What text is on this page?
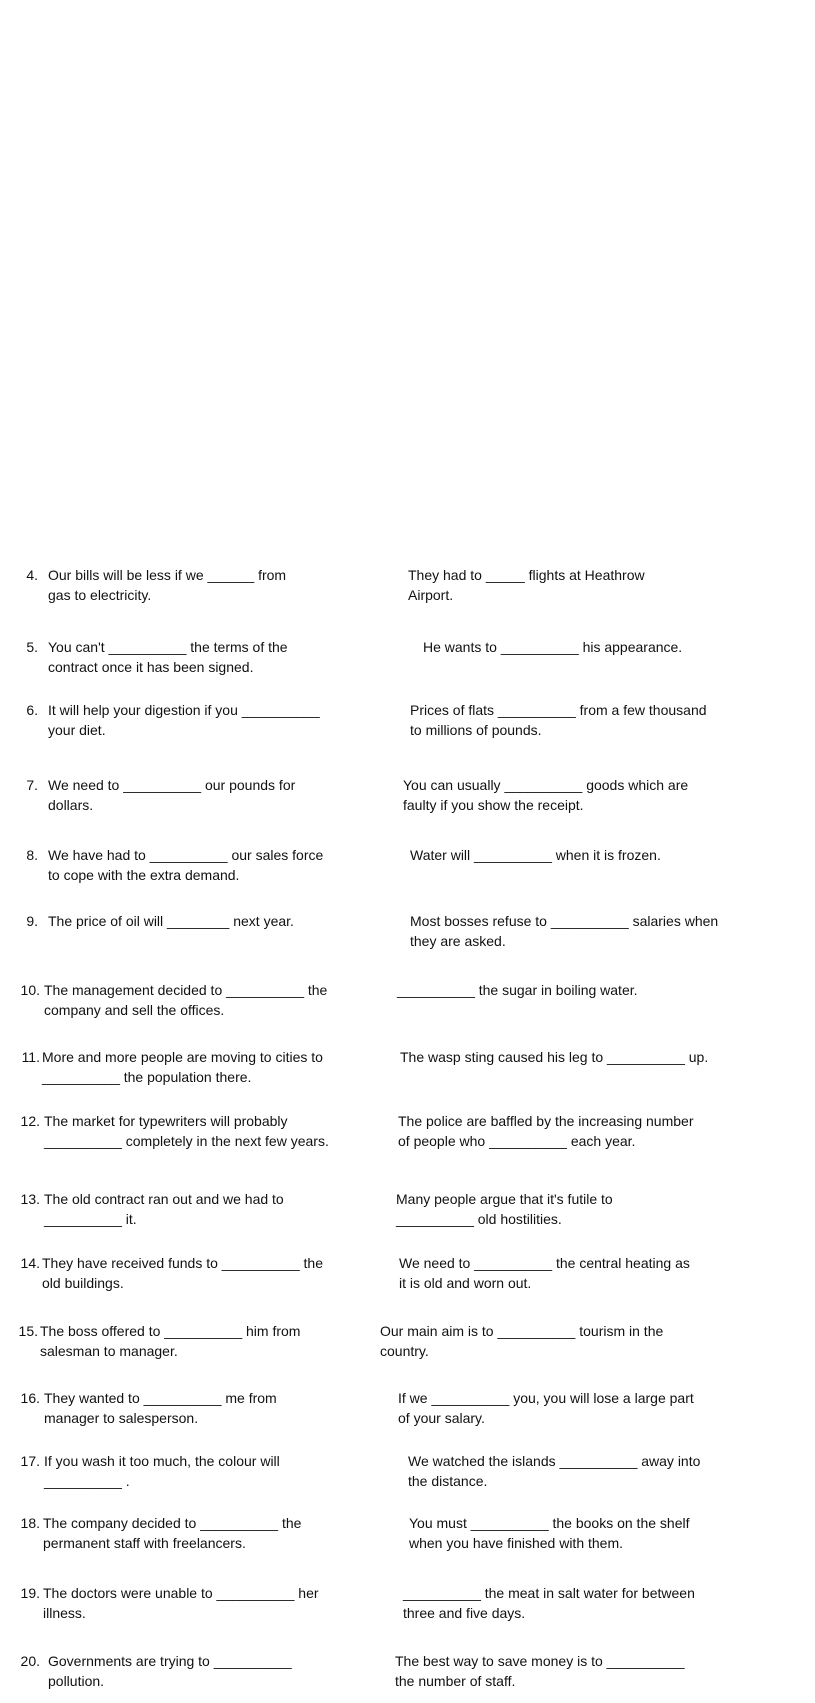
4. Our bills will be less if we ______ from

gas to electricity.

They had to _____ flights at Heathrow

Airport.

5. You can't __________ the terms of the

contract once it has been signed.

He wants to __________ his appearance.

6. It will help your digestion if you __________

your diet.

Prices of flats __________ from a few thousand

to millions of pounds.

7. We need to __________ our pounds for

dollars.

You can usually __________ goods which are

faulty if you show the receipt.

8. We have had to __________ our sales force

to cope with the extra demand.

Water will __________ when it is frozen.

9. The price of oil will ________ next year.	Most bosses refuse to __________ salaries when

they are asked.

10. The management decided to __________ the

company and sell the offices.

__________ the sugar in boiling water.

11. More and more people are moving to cities to

__________ the population there.

The wasp sting caused his leg to __________ up.

12. The market for typewriters will probably

__________ completely in the next few years.

The police are baffled by the increasing number

of people who __________ each year.

13. The old contract ran out and we had to

__________ it.

Many people argue that it's futile to

__________ old hostilities.

14. They have received funds to __________ the

old buildings.

We need to __________ the central heating as

it is old and worn out.

15. The boss offered to __________ him from

salesman to manager.

Our main aim is to __________ tourism in the

country.

16. They wanted to __________ me from

manager to salesperson.

If we __________ you, you will lose a large part

of your salary.

17. If you wash it too much, the colour will

__________ .

We watched the islands __________ away into

the distance.

18. The company decided to __________ the

permanent staff with freelancers.

You must __________ the books on the shelf

when you have finished with them.

19. The doctors were unable to __________ her

illness.

__________ the meat in salt water for between

three and five days.

20. Governments are trying to __________

pollution.

The best way to save money is to __________

the number of staff.
